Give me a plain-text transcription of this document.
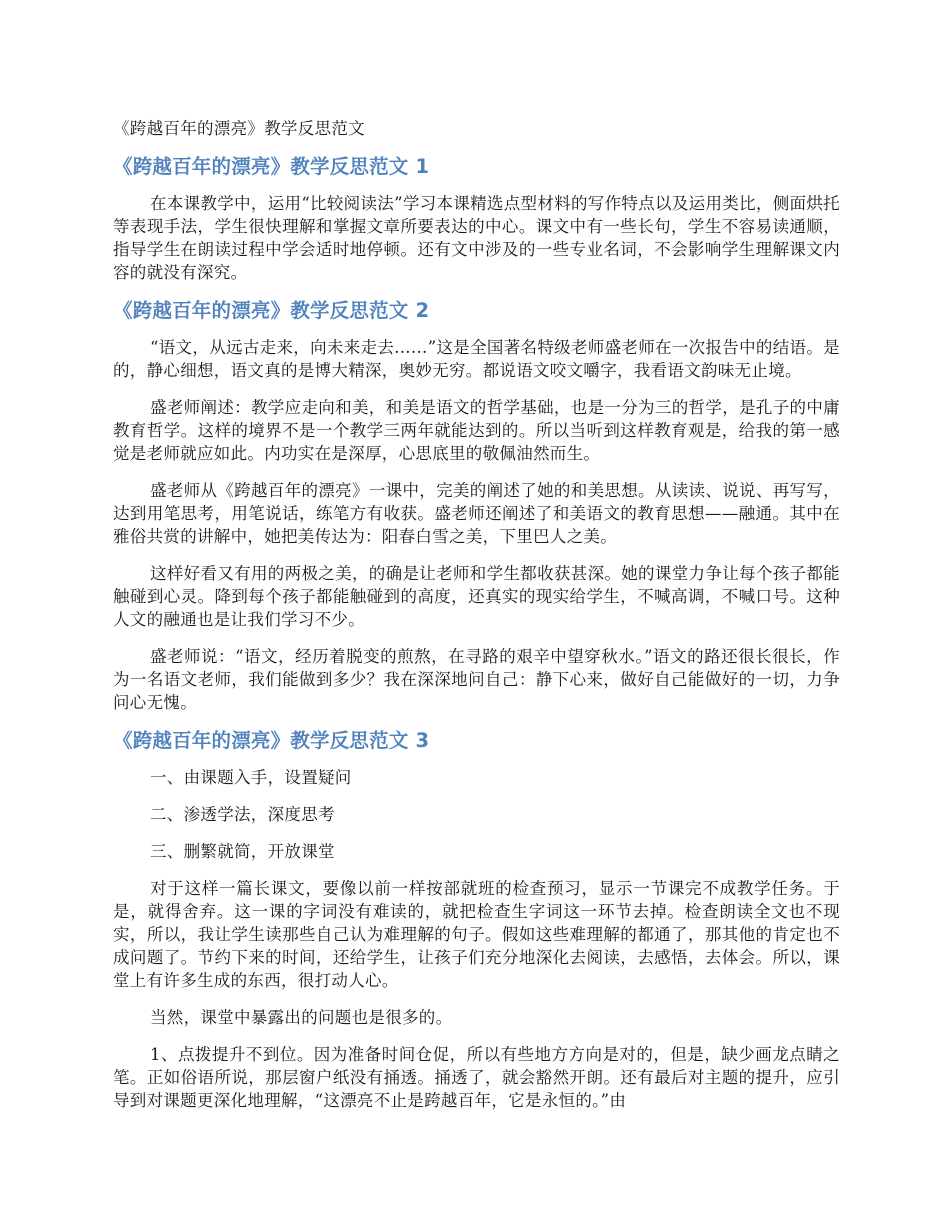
《跨越百年的漂亮》教学反思范文
《跨越百年的漂亮》教学反思范文 1

在本课教学中，运用“比较阅读法”学习本课精选点型材料的写作特点以及运用类比，侧面烘托等表现手法，学生很快理解和掌握文章所要表达的中心。课文中有一些长句，学生不容易读通顺，指导学生在朗读过程中学会适时地停顿。还有文中涉及的一些专业名词，不会影响学生理解课文内容的就没有深究。

《跨越百年的漂亮》教学反思范文 2

“语文，从远古走来，向未来走去……”这是全国著名特级老师盛老师在一次报告中的结语。是的，静心细想，语文真的是博大精深，奥妙无穷。都说语文咬文嚼字，我看语文韵味无止境。

盛老师阐述：教学应走向和美，和美是语文的哲学基础，也是一分为三的哲学，是孔子的中庸教育哲学。这样的境界不是一个教学三两年就能达到的。所以当听到这样教育观是，给我的第一感觉是老师就应如此。内功实在是深厚，心思底里的敬佩油然而生。

盛老师从《跨越百年的漂亮》一课中，完美的阐述了她的和美思想。从读读、说说、再写写，达到用笔思考，用笔说话，练笔方有收获。盛老师还阐述了和美语文的教育思想——融通。其中在雅俗共赏的讲解中，她把美传达为：阳春白雪之美，下里巴人之美。

这样好看又有用的两极之美，的确是让老师和学生都收获甚深。她的课堂力争让每个孩子都能触碰到心灵。降到每个孩子都能触碰到的高度，还真实的现实给学生，不喊高调，不喊口号。这种人文的融通也是让我们学习不少。

盛老师说：“语文，经历着脱变的煎熬，在寻路的艰辛中望穿秋水。”语文的路还很长很长，作为一名语文老师，我们能做到多少？我在深深地问自己：静下心来，做好自己能做好的一切，力争问心无愧。

《跨越百年的漂亮》教学反思范文 3

一、由课题入手，设置疑问

二、渗透学法，深度思考

三、删繁就简，开放课堂

对于这样一篇长课文，要像以前一样按部就班的检查预习，显示一节课完不成教学任务。于是，就得舍弃。这一课的字词没有难读的，就把检查生字词这一环节去掉。检查朗读全文也不现实，所以，我让学生读那些自己认为难理解的句子。假如这些难理解的都通了，那其他的肯定也不成问题了。节约下来的时间，还给学生，让孩子们充分地深化去阅读，去感悟，去体会。所以，课堂上有许多生成的东西，很打动人心。

当然，课堂中暴露出的问题也是很多的。

1、点拨提升不到位。因为准备时间仓促，所以有些地方方向是对的，但是，缺少画龙点睛之笔。正如俗语所说，那层窗户纸没有捅透。捅透了，就会豁然开朗。还有最后对主题的提升，应引导到对课题更深化地理解，“这漂亮不止是跨越百年，它是永恒的。”由
